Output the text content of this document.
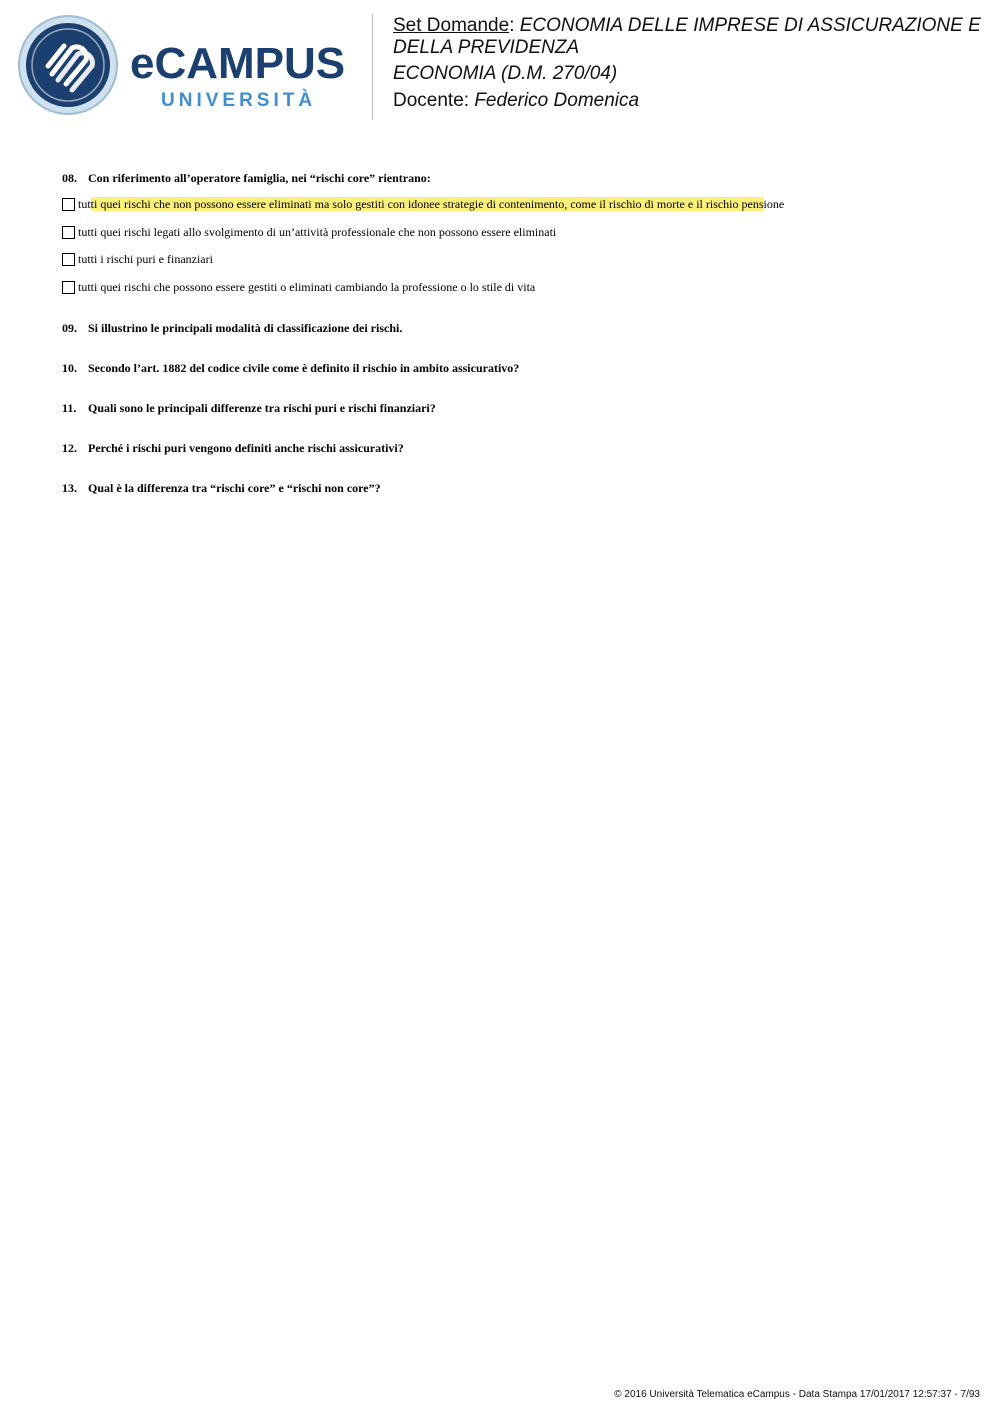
eCAMPUS
UNIVERSITÀ
Set Domande: ECONOMIA DELLE IMPRESE DI ASSICURAZIONE E
DELLA PREVIDENZA
ECONOMIA (D.M. 270/04)
Docente: Federico Domenica
08. Con riferimento all’operatore famiglia, nei “rischi core” rientrano:
tutti quei rischi che non possono essere eliminati ma solo gestiti con idonee strategie di contenimento, come il rischio di morte e il rischio pensione
tutti quei rischi legati allo svolgimento di un’attività professionale che non possono essere eliminati
tutti i rischi puri e finanziari
tutti quei rischi che possono essere gestiti o eliminati cambiando la professione o lo stile di vita
09. Si illustrino le principali modalità di classificazione dei rischi.
10. Secondo l’art. 1882 del codice civile come è definito il rischio in ambito assicurativo?
11. Quali sono le principali differenze tra rischi puri e rischi finanziari?
12. Perché i rischi puri vengono definiti anche rischi assicurativi?
13. Qual è la differenza tra “rischi core” e “rischi non core”?
© 2016 Università Telematica eCampus - Data Stampa 17/01/2017 12:57:37 - 7/93
